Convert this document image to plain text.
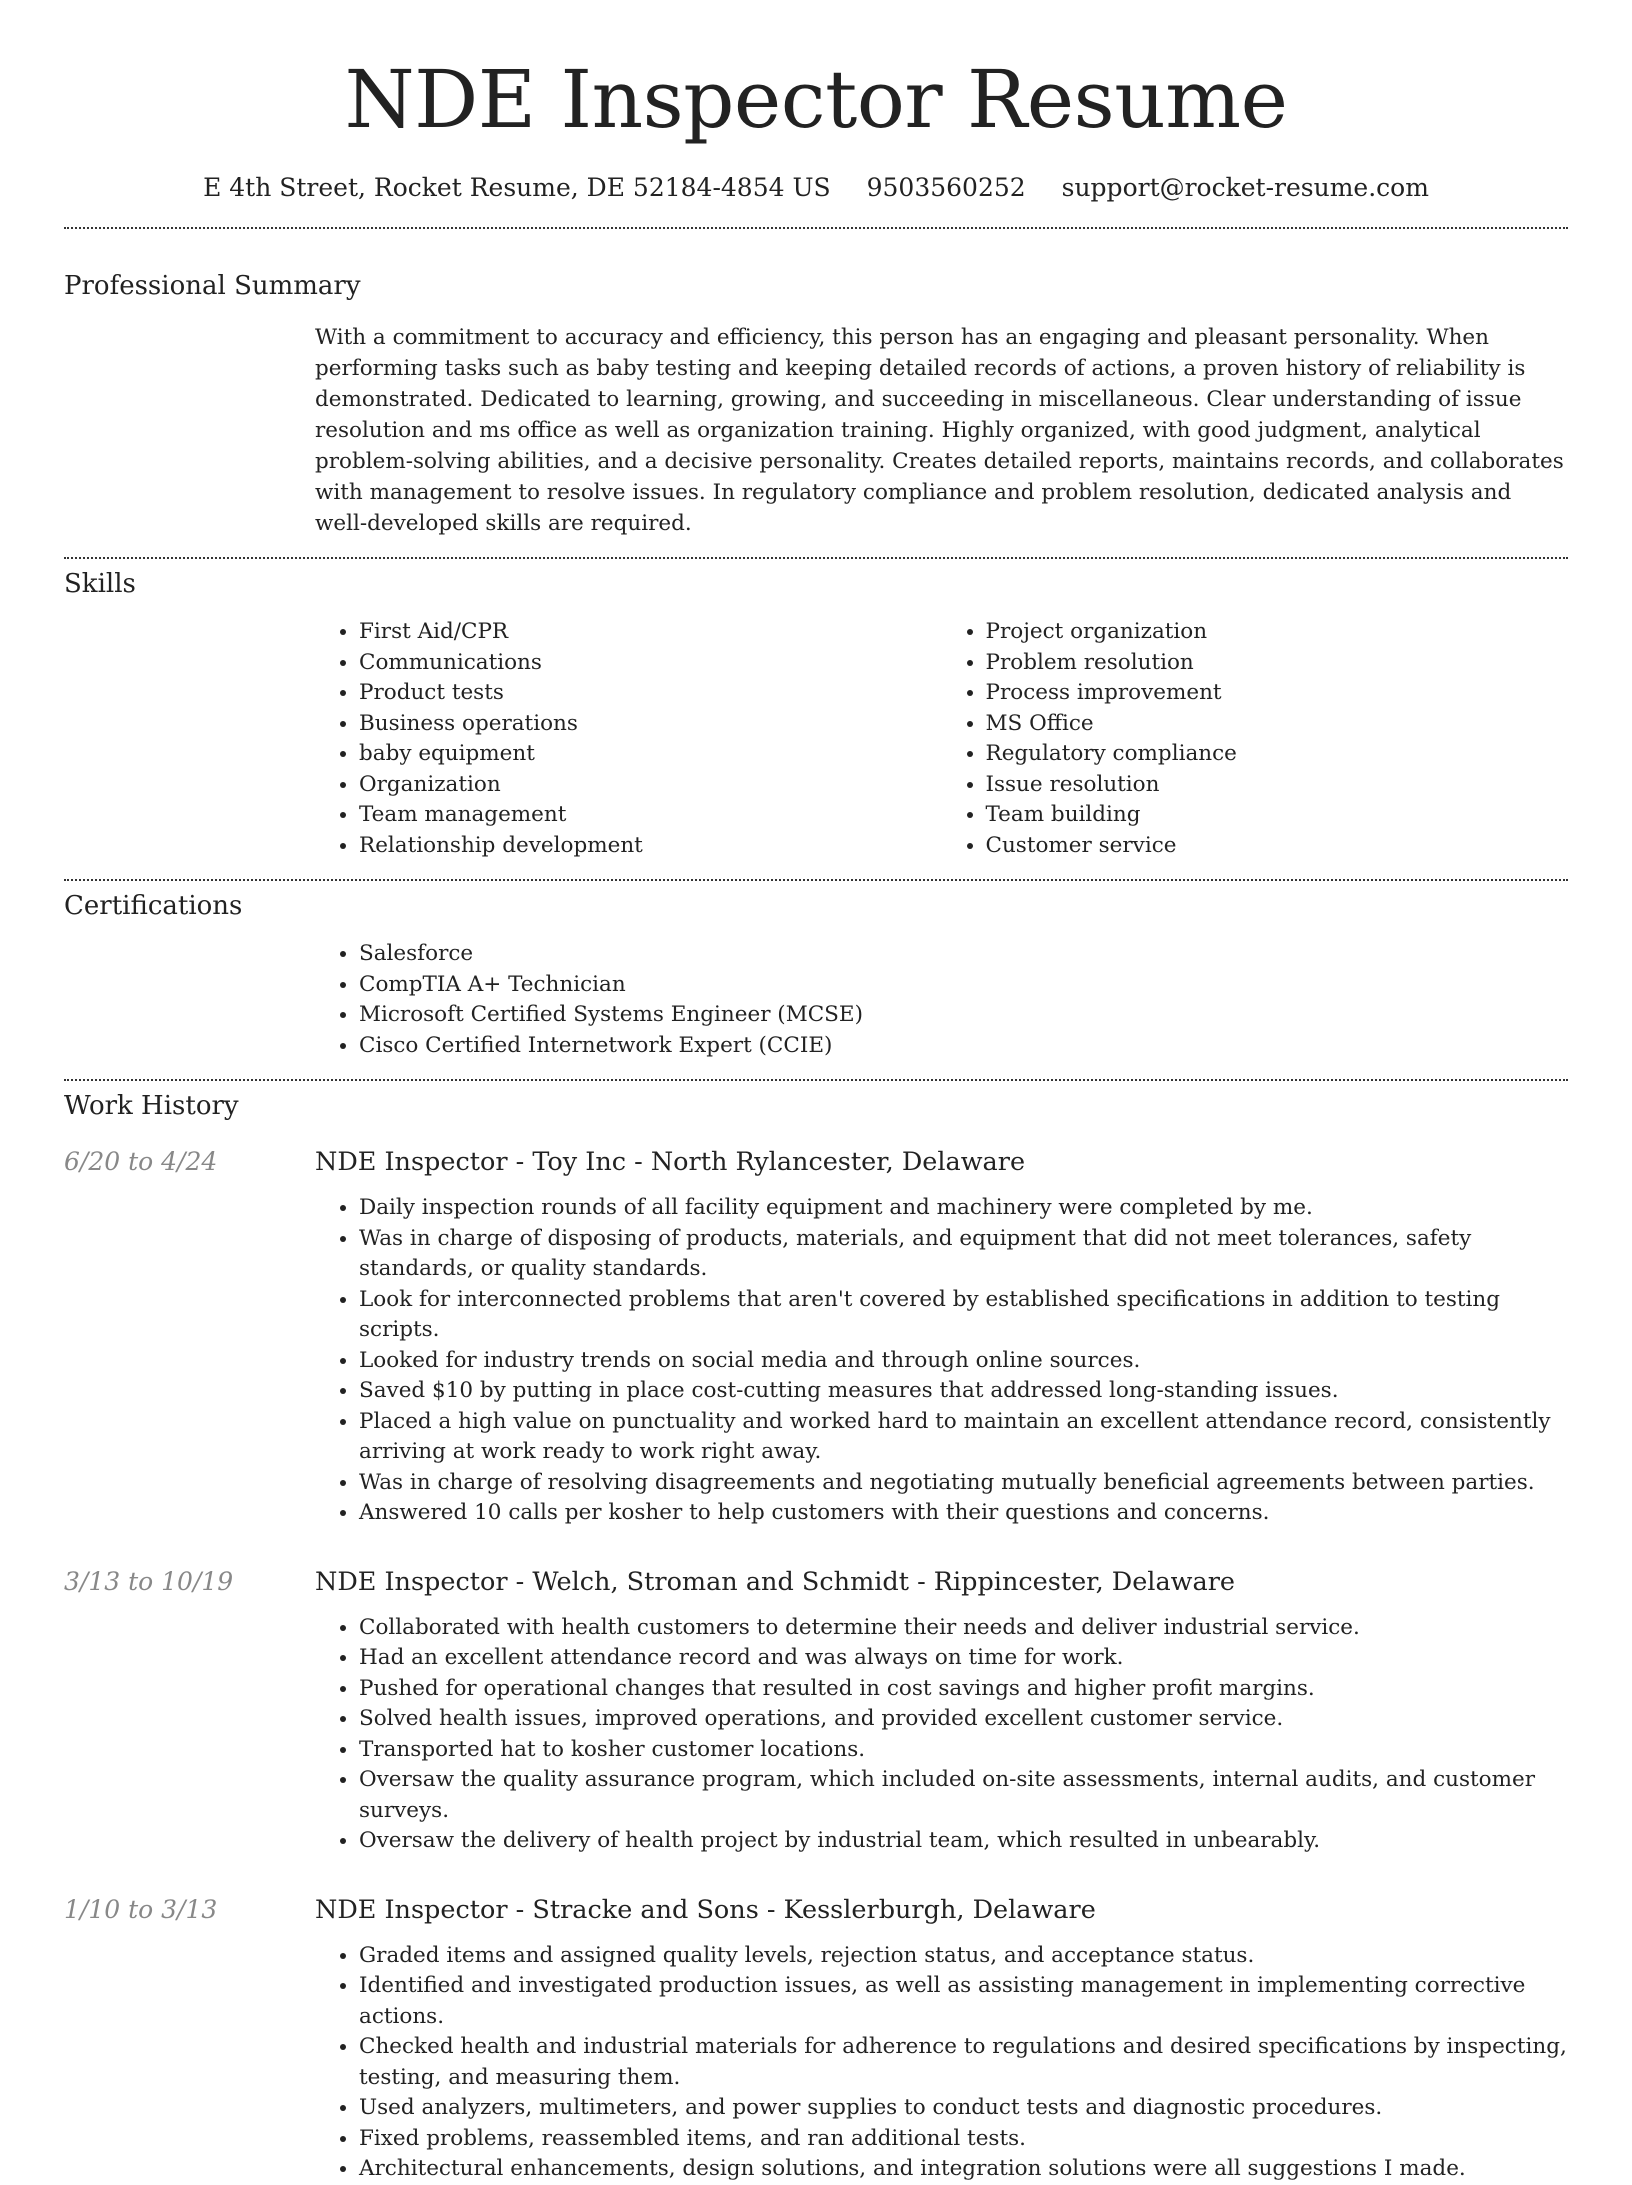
NDE Inspector Resume
E 4th Street, Rocket Resume, DE 52184-4854 US 9503560252 support@rocket-resume.com
Professional Summary

With a commitment to accuracy and efficiency, this person has an engaging and pleasant personality. When performing tasks such as baby testing and keeping detailed records of actions, a proven history of reliability is demonstrated. Dedicated to learning, growing, and succeeding in miscellaneous. Clear understanding of issue resolution and ms office as well as organization training. Highly organized, with good judgment, analytical problem-solving abilities, and a decisive personality. Creates detailed reports, maintains records, and collaborates with management to resolve issues. In regulatory compliance and problem resolution, dedicated analysis and well-developed skills are required.

Skills
• First Aid/CPR
• Communications
• Product tests
• Business operations
• baby equipment
• Organization
• Team management
• Relationship development
• Project organization
• Problem resolution
• Process improvement
• MS Office
• Regulatory compliance
• Issue resolution
• Team building
• Customer service
Certifications
• Salesforce
• CompTIA A+ Technician
• Microsoft Certified Systems Engineer (MCSE)
• Cisco Certified Internetwork Expert (CCIE)
Work History
6/20 to 4/24	NDE Inspector - Toy Inc - North Rylancester, Delaware
• Daily inspection rounds of all facility equipment and machinery were completed by me.
• Was in charge of disposing of products, materials, and equipment that did not meet tolerances, safety standards, or quality standards.
• Look for interconnected problems that aren't covered by established specifications in addition to testing scripts.
• Looked for industry trends on social media and through online sources.
• Saved $10 by putting in place cost-cutting measures that addressed long-standing issues.
• Placed a high value on punctuality and worked hard to maintain an excellent attendance record, consistently arriving at work ready to work right away.
• Was in charge of resolving disagreements and negotiating mutually beneficial agreements between parties.
• Answered 10 calls per kosher to help customers with their questions and concerns.
3/13 to 10/19	NDE Inspector - Welch, Stroman and Schmidt - Rippincester, Delaware
• Collaborated with health customers to determine their needs and deliver industrial service.
• Had an excellent attendance record and was always on time for work.
• Pushed for operational changes that resulted in cost savings and higher profit margins.
• Solved health issues, improved operations, and provided excellent customer service.
• Transported hat to kosher customer locations.
• Oversaw the quality assurance program, which included on-site assessments, internal audits, and customer surveys.
• Oversaw the delivery of health project by industrial team, which resulted in unbearably.
1/10 to 3/13	NDE Inspector - Stracke and Sons - Kesslerburgh, Delaware
• Graded items and assigned quality levels, rejection status, and acceptance status.
• Identified and investigated production issues, as well as assisting management in implementing corrective actions.
• Checked health and industrial materials for adherence to regulations and desired specifications by inspecting, testing, and measuring them.
• Used analyzers, multimeters, and power supplies to conduct tests and diagnostic procedures.
• Fixed problems, reassembled items, and ran additional tests.
• Architectural enhancements, design solutions, and integration solutions were all suggestions I made.
